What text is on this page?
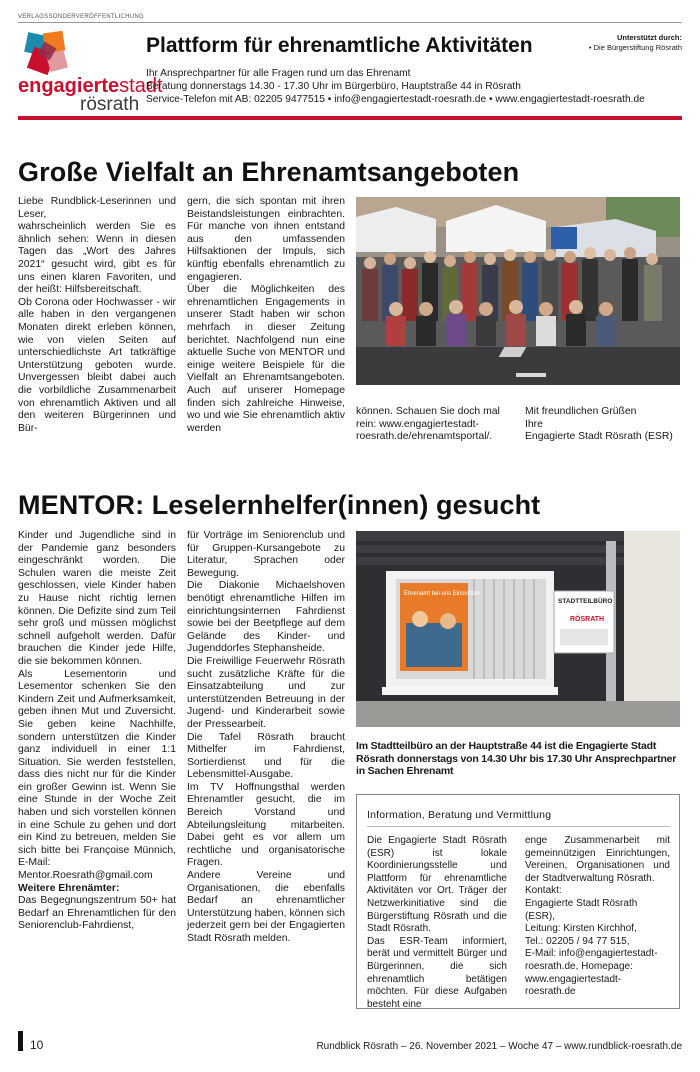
VERLAGSSONDERVERÖFFENTLICHUNG
engagiertestadt
rösrath
Plattform für ehrenamtliche Aktivitäten
Ihr Ansprechpartner für alle Fragen rund um das Ehrenamt
Beratung donnerstags 14.30 - 17.30 Uhr im Bürgerbüro, Hauptstraße 44 in Rösrath
Service-Telefon mit AB: 02205 9477515 • info@engagiertestadt-roesrath.de • www.engagiertestadt-roesrath.de
Unterstützt durch:
• Die Bürgerstiftung Rösrath
Große Vielfalt an Ehrenamtsangeboten

Liebe Rundblick-Leserinnen und Leser,

wahrscheinlich werden Sie es ähnlich sehen: Wenn in diesen Tagen das „Wort des Jahres 2021“ gesucht wird, gibt es für uns einen klaren Favoriten, und der heißt: Hilfsbereitschaft.

Ob Corona oder Hochwasser - wir alle haben in den vergangenen Monaten direkt erleben können, wie von vielen Seiten auf unterschiedlichste Art tatkräftige Unterstützung geboten wurde. Unvergessen bleibt dabei auch die vorbildliche Zusammenarbeit von ehrenamtlich Aktiven und all den weiteren Bürgerinnen und Bür-

gern, die sich spontan mit ihren Beistandsleistungen einbrachten. Für manche von ihnen entstand aus den umfassenden Hilfsaktionen der Impuls, sich künftig ebenfalls ehrenamtlich zu engagieren.

Über die Möglichkeiten des ehrenamtlichen Engagements in unserer Stadt haben wir schon mehrfach in dieser Zeitung berichtet. Nachfolgend nun eine aktuelle Suche von MENTOR und einige weitere Beispiele für die Vielfalt an Ehrenamtsangeboten. Auch auf unserer Homepage finden sich zahlreiche Hinweise, wo und wie Sie ehrenamtlich aktiv werden

können. Schauen Sie doch mal rein: www.engagiertestadt-roesrath.de/ehrenamtsportal/.

Mit freundlichen Grüßen

Ihre

Engagierte Stadt Rösrath (ESR)

MENTOR: Leselernhelfer(innen) gesucht

Kinder und Jugendliche sind in der Pandemie ganz besonders eingeschränkt worden. Die Schulen waren die meiste Zeit geschlossen, viele Kinder haben zu Hause nicht richtig lernen können. Die Defizite sind zum Teil sehr groß und müssen möglichst schnell aufgeholt werden. Dafür brauchen die Kinder jede Hilfe, die sie bekommen können.

Als Lesementorin und Lesementor schenken Sie den Kindern Zeit und Aufmerksamkeit, geben ihnen Mut und Zuversicht. Sie geben keine Nachhilfe, sondern unterstützen die Kinder ganz individuell in einer 1:1 Situation. Sie werden feststellen, dass dies nicht nur für die Kinder ein großer Gewinn ist. Wenn Sie eine Stunde in der Woche Zeit haben und sich vorstellen können in eine Schule zu gehen und dort ein Kind zu betreuen, melden Sie sich bitte bei Françoise Münnich, E-Mail:

Mentor.Roesrath@gmail.com

Weitere Ehrenämter:

Das Begegnungszentrum 50+ hat Bedarf an Ehrenamtlichen für den Seniorenclub-Fahrdienst,

für Vorträge im Seniorenclub und für Gruppen-Kursangebote zu Literatur, Sprachen oder Bewegung.

Die Diakonie Michaelshoven benötigt ehrenamtliche Hilfen im einrichtungsinternen Fahrdienst sowie bei der Beetpflege auf dem Gelände des Kinder- und Jugenddorfes Stephansheide.

Die Freiwillige Feuerwehr Rösrath sucht zusätzliche Kräfte für die Einsatzabteilung und zur unterstützenden Betreuung in der Jugend- und Kinderarbeit sowie der Pressearbeit.

Die Tafel Rösrath braucht Mithelfer im Fahrdienst, Sortierdienst und für die Lebensmittel-Ausgabe.

Im TV Hoffnungsthal werden Ehrenamtler gesucht, die im Bereich Vorstand und Abteilungsleitung mitarbeiten. Dabei geht es vor allem um rechtliche und organisatorische Fragen.

Andere Vereine und Organisationen, die ebenfalls Bedarf an ehrenamtlicher Unterstützung haben, können sich jederzeit gern bei der Engagierten Stadt Rösrath melden.

Ehrenamt bei uns Einsichten
STADTTEILBÜRO
RÖSRATH
Im Stadtteilbüro an der Hauptstraße 44 ist die Engagierte Stadt Rösrath donnerstags von 14.30 Uhr bis 17.30 Uhr Ansprechpartner in Sachen Ehrenamt
Information, Beratung und Vermittlung

Die Engagierte Stadt Rösrath (ESR) ist lokale Koordinierungsstelle und Plattform für ehrenamtliche Aktivitäten vor Ort. Träger der Netzwerkinitiative sind die Bürgerstiftung Rösrath und die Stadt Rösrath.

Das ESR-Team informiert, berät und vermittelt Bürger und Bürgerinnen, die sich ehrenamtlich betätigen möchten. Für diese Aufgaben besteht eine

enge Zusammenarbeit mit gemeinnützigen Einrichtungen, Vereinen, Organisationen und der Stadtverwaltung Rösrath.

Kontakt:

Engagierte Stadt Rösrath (ESR),

Leitung: Kirsten Kirchhof,

Tel.: 02205 / 94 77 515,

E-Mail: info@engagiertestadt-roesrath.de, Homepage: www.engagiertestadt-roesrath.de

10	Rundblick Rösrath – 26. November 2021 – Woche 47 – www.rundblick-roesrath.de
